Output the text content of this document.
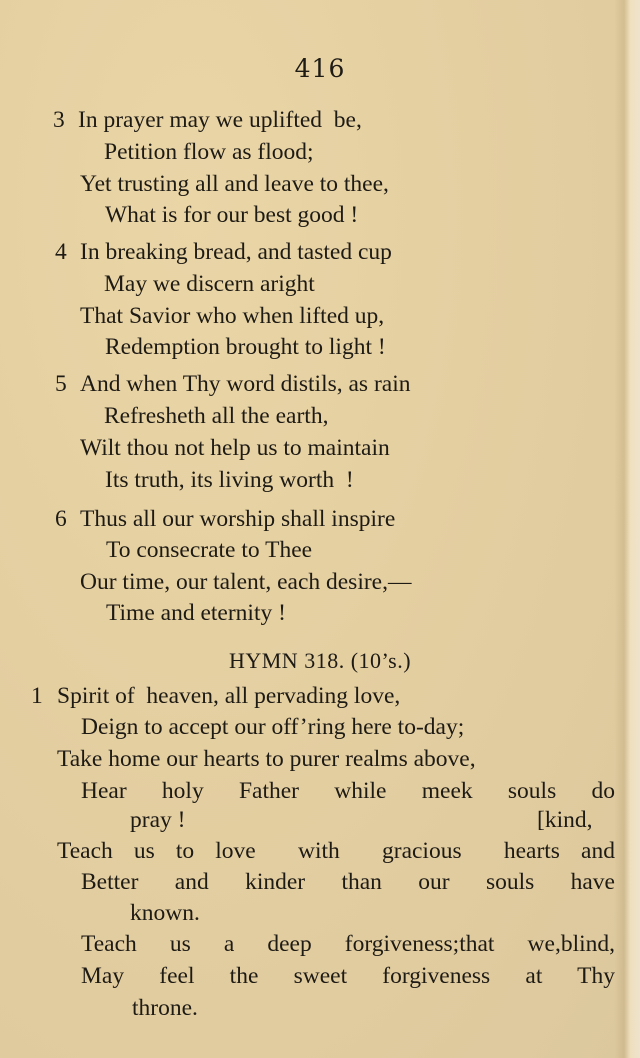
416
3 In prayer may we uplifted  be,
Petition flow as flood;
Yet trusting all and leave to thee,
What is for our best good !
4 In breaking bread, and tasted cup
May we discern aright
That Savior who when lifted up,
Redemption brought to light !
5 And when Thy word distils, as rain
Refresheth all the earth,
Wilt thou not help us to maintain
Its truth, its living worth  !
6 Thus all our worship shall inspire
To consecrate to Thee
Our time, our talent, each desire,—
Time and eternity !
HYMN 318. (10’s.)
1 Spirit of  heaven, all pervading love,
Deign to accept our off’ring here to-day;
Take home our hearts to purer realms above,
Hear holy Father while meek souls do
pray !	[kind,
Teach us to love  with  gracious  hearts and
Better and kinder than our souls have
known.
Teach us a deep forgiveness;that we,blind,
May feel the sweet forgiveness at Thy
throne.
